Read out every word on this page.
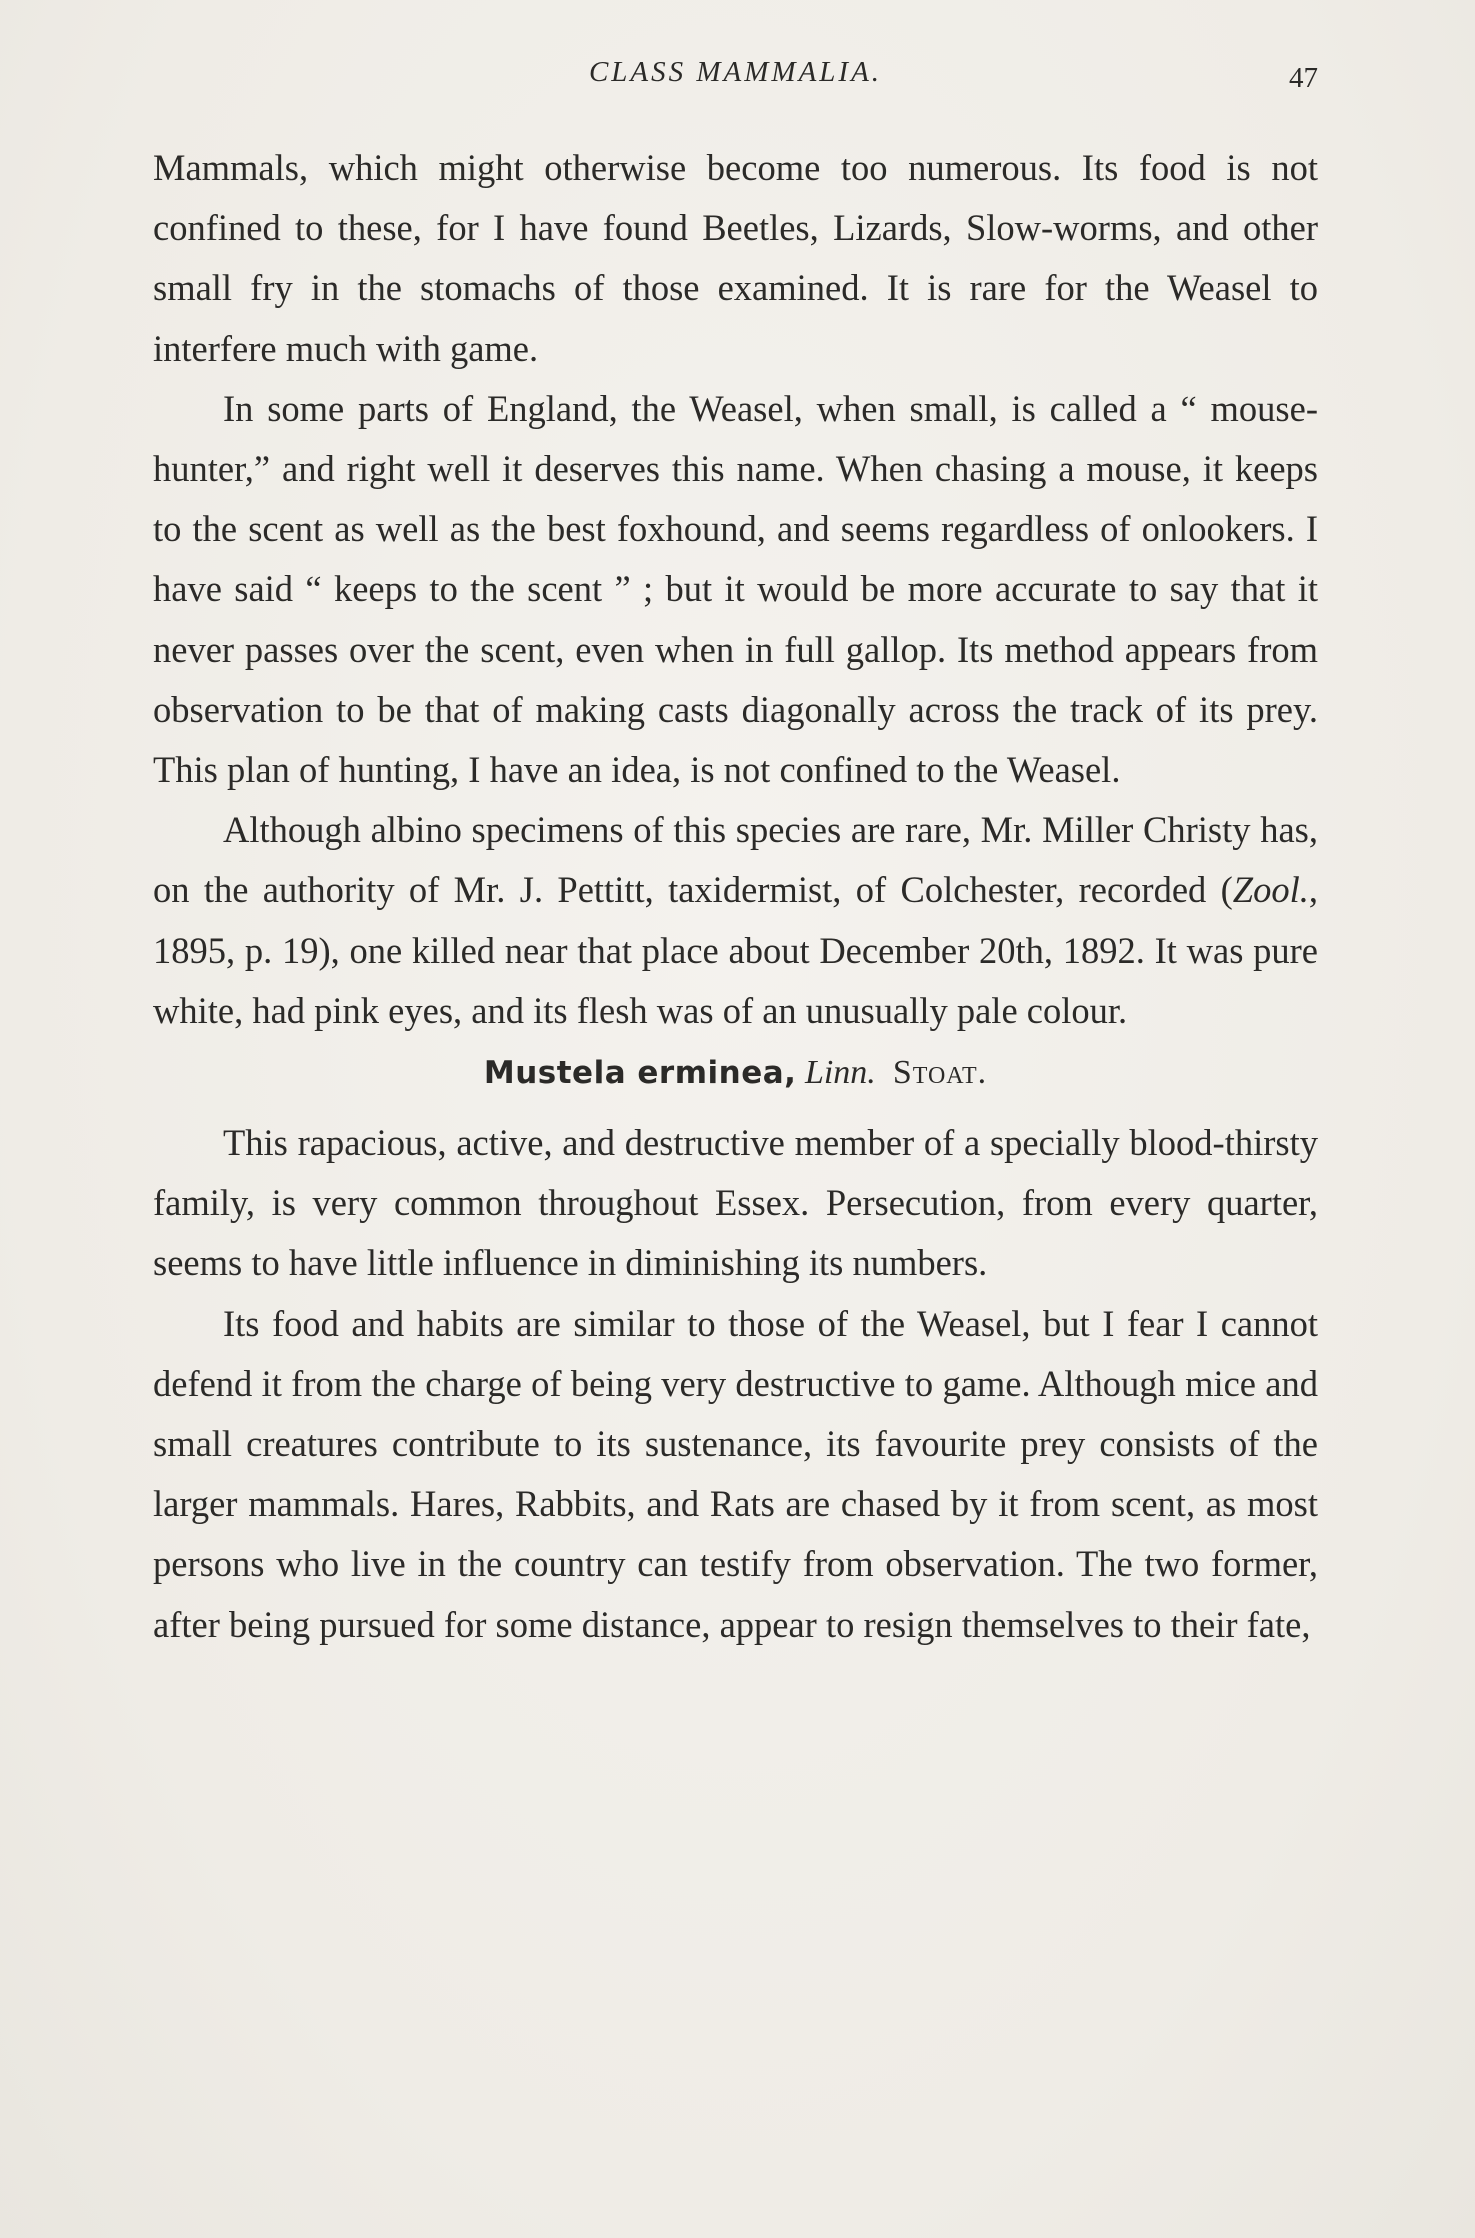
CLASS MAMMALIA.	47

Mammals, which might otherwise become too numerous. Its food is not confined to these, for I have found Beetles, Lizards, Slow-worms, and other small fry in the stomachs of those examined. It is rare for the Weasel to interfere much with game.

In some parts of England, the Weasel, when small, is called a “ mouse-hunter,” and right well it deserves this name. When chasing a mouse, it keeps to the scent as well as the best foxhound, and seems regardless of onlookers. I have said “ keeps to the scent ” ; but it would be more accurate to say that it never passes over the scent, even when in full gallop. Its method appears from observation to be that of making casts diagonally across the track of its prey. This plan of hunting, I have an idea, is not confined to the Weasel.

Although albino specimens of this species are rare, Mr. Miller Christy has, on the authority of Mr. J. Pettitt, taxidermist, of Colchester, recorded (Zool., 1895, p. 19), one killed near that place about December 20th, 1892. It was pure white, had pink eyes, and its flesh was of an unusually pale colour.

Mustela erminea, Linn. Stoat.

This rapacious, active, and destructive member of a specially blood-thirsty family, is very common throughout Essex. Persecution, from every quarter, seems to have little influence in diminishing its numbers.

Its food and habits are similar to those of the Weasel, but I fear I cannot defend it from the charge of being very destructive to game. Although mice and small creatures contribute to its sustenance, its favourite prey consists of the larger mammals. Hares, Rabbits, and Rats are chased by it from scent, as most persons who live in the country can testify from observation. The two former, after being pursued for some distance, appear to resign themselves to their fate,
